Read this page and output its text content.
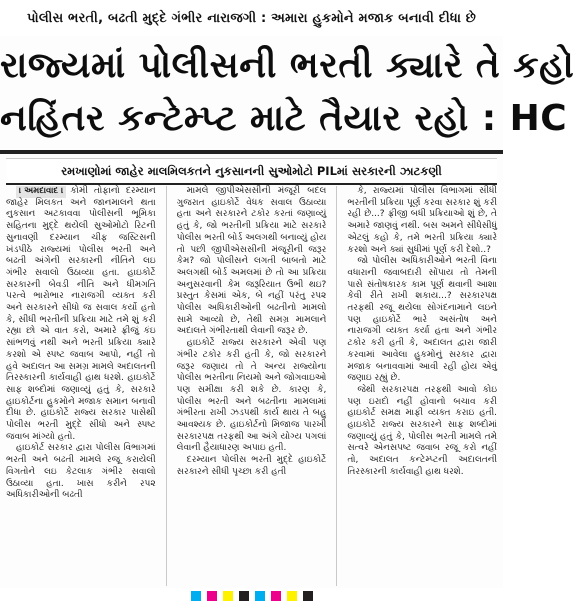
પોલીસ ભરતી, બઢતી મુદ્દે ગંભીર નારાજગી : અમારા હુકમોને મજાક બનાવી દીધા છે
રાજ્યમાં પોલીસની ભરતી ક્યારે તે કહો
નહિંતર કન્ટેમ્પ્ટ માટે તૈયાર રહો : HC
રમખાણોમાં જાહેર માલમિલકતને નુકસાનની સુઓમોટો PILમાં સરકારની ઝાટકણી

। અમદાવાદ । કોમી તોફાનો દરમ્યાન જાહેર મિલકત અને જાનમાલને થતા નુકસાન અટકાવવા પોલીસની ભૂમિકા સહિતના મુદ્દે થયેલી સુઓમોટો રિટની સુનાવણી દરમ્યાન ચીફ જસ્ટિસની ખંડપીઠે રાજ્યમાં પોલીસ ભરતી અને બઢતી અંગેની સરકારની નીતિને લઇ ગંભીર સવાલો ઉઠાવ્યા હતા. હાઇકોર્ટે સરકારની બેવડી નીતિ અને ધીમગતિ પરત્વે ભારોભાર નારાજગી વ્યક્ત કરી અને સરકારને સીધો જ સવાલ કર્યો હતો કે, સીધી ભરતીની પ્રક્રિયા માટે તમે શું કરી રહ્યા છો એ વાત કરો, અમારે ફ્રીજું કંઇ સાંભળવું નથી અને ભરતી પ્રક્રિયા ક્યારે કરશો એ સ્પષ્ટ જવાબ આપો, નહીં તો હવે અદાલત આ સમગ્ર મામલે અદાલતની તિરસ્કારની કાર્યવાહી હાથ ધરશે. હાઇકોર્ટે સાફ શબ્દોમાં જણાવ્યું હતું કે, સરકારે હાઇકોર્ટના હુકમોને મજાક સમાન બનાવી દીધા છે. હાઇકોર્ટે રાજ્ય સરકાર પાસેથી પોલીસ ભરતી મુદ્દે સીધો અને સ્પષ્ટ જવાબ માંગ્યો હતો.

હાઇકોર્ટ સરકાર દ્વારા પોલીસ વિભાગમાં ભરતી અને બઢતી મામલે રજૂ કરાયેલી વિગતોને લઇ કેટલાક ગંભીર સવાલો ઉઠાવ્યા હતા. ખાસ કરીને રપ૨ અધિકારીઓની બઢતી

મામલે જીપીએસસીની મંજૂરી બદલ ગુજરાત હાઇકોર્ટે વેધક સવાલ ઉઠાવ્યા હતા અને સરકારને ટકોર કરતાં જણાવ્યું હતું કે, જો ભરતીની પ્રક્રિયા માટે સરકારે પોલીસ ભરતી બોર્ડ અલગથી બનાવ્યું હોય તો પછી જીપીએસસીની મંજૂરીની જરૂર કેમ? જો પોલીસને લગતી બાબતો માટે અલગથી બોર્ડ અમલમાં છે તો આ પ્રક્રિયા અનુસરવાની કેમ જરૂરિયાત ઉભી થઇ? પ્રસ્તુત કેસમાં એક, બે નહીં પરંતુ રપ૨ પોલીસ અધિકારીઓની બઢતીનો મામલો સામે આવ્યો છે, તેથી સમગ્ર મામલાને અદાલતે ગંભીરતાથી લેવાની જરૂર છે.

હાઇકોર્ટે રાજ્ય સરકારને એવી પણ ગંભીર ટકોર કરી હતી કે, જો સરકારને જરૂર જણાય તો તે અન્ય રાજ્યોના પોલીસ ભરતીના નિયમો અને જોગવાઇઓ પણ સમીક્ષા કરી શકે છે. કારણ કે, પોલીસ ભરતી અને બઢતીના મામલામાં ગંભીરતા રાખી ઝડપથી કાર્ય થાય તે બહુ આવશ્યક છે. હાઇકોર્ટનો મિજાજ પારખી સરકારપક્ષ તરફથી આ અંગે યોગ્ય પગલાં લેવાની હૈયાધારણ અપાઇ હતી.

દરમ્યાન પોલીસ ભરતી મુદ્દે હાઇકોર્ટે સરકારને સીધી પૃચ્છા કરી હતી

કે, રાજ્યમાં પોલીસ વિભાગમાં સીધી ભરતીની પ્રક્રિયા પૂર્ણ કરવા સરકાર શું કરી રહી છે...? ફ્રીજી બધી પ્રક્રિયાઓ શું છે, તે અમારે જાણવું નથી. બસ અમને સીધેસીધું એટલું કહો કે, તમે ભરતી પ્રક્રિયા ક્યારે કરશો અને ક્યાં સુધીમાં પૂર્ણ કરી દેશો..?

જો પોલીસ અધિકારીઓને ભરતી વિના વધારાની જવાબદારી સોંપાય તો તેમની પાસે સંતોષકારક કામ પૂર્ણ થવાની આશા કેવી રીતે રાખી શકાય...? સરકારપક્ષ તરફથી રજૂ થયેલા સોગંદનામાને લઇને પણ હાઇકોર્ટે ભારે અસંતોષ અને નારાજગી વ્યક્ત કર્યા હતા અને ગંભીર ટકોર કરી હતી કે, અદાલત દ્વારા જારી કરવામાં આવેલા હુકમોનું સરકાર દ્વારા મજાક બનાવવામાં આવી રહી હોય એવું જણાઇ રહ્યું છે.

જેથી સરકારપક્ષ તરફથી આવો કોઇ પણ ઇરાદો નહીં હોવાનો બચાવ કરી હાઇકોર્ટ સમક્ષ માફી વ્યક્ત કરાઇ હતી. હાઇકોર્ટે રાજ્ય સરકારને સાફ શબ્દોમાં જણાવ્યું હતું કે, પોલીસ ભરતી મામલે તમે સત્વરે એનસપષ્ટ જવાબ રજૂ કરો નહીં તો, અદાલત કન્ટેમ્પ્ટની અદાલતની તિરસ્કારની કાર્યવાહી હાથ ધરશે.
